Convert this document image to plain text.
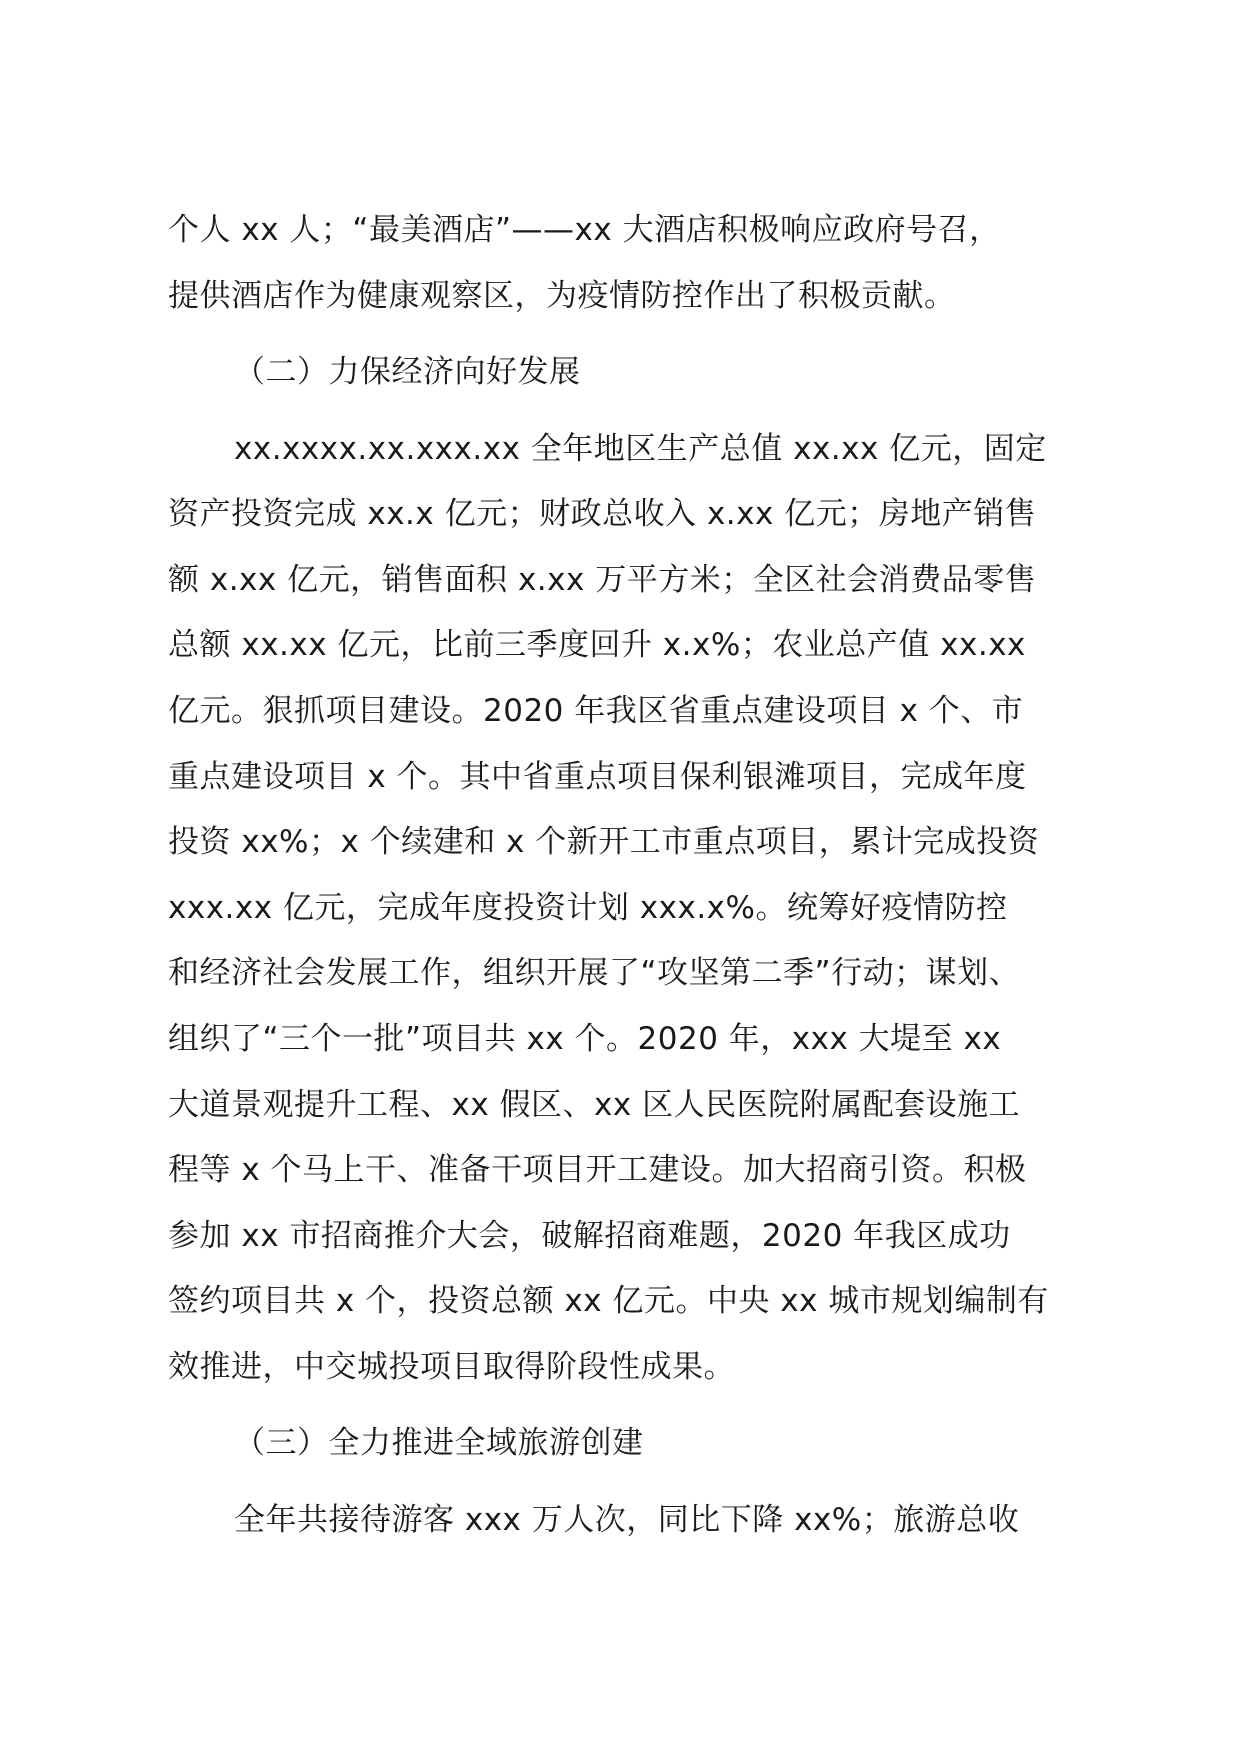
个人 xx 人；“最美酒店”——xx 大酒店积极响应政府号召，
提供酒店作为健康观察区，为疫情防控作出了积极贡献。
（二）力保经济向好发展
xx.xxxx.xx.xxx.xx 全年地区生产总值 xx.xx 亿元，固定
资产投资完成 xx.x 亿元；财政总收入 x.xx 亿元；房地产销售
额 x.xx 亿元，销售面积 x.xx 万平方米；全区社会消费品零售
总额 xx.xx 亿元，比前三季度回升 x.x%；农业总产值 xx.xx
亿元。狠抓项目建设。2020 年我区省重点建设项目 x 个、市
重点建设项目 x 个。其中省重点项目保利银滩项目，完成年度
投资 xx%；x 个续建和 x 个新开工市重点项目，累计完成投资
xxx.xx 亿元，完成年度投资计划 xxx.x%。统筹好疫情防控
和经济社会发展工作，组织开展了“攻坚第二季”行动；谋划、
组织了“三个一批”项目共 xx 个。2020 年，xxx 大堤至 xx
大道景观提升工程、xx 假区、xx 区人民医院附属配套设施工
程等 x 个马上干、准备干项目开工建设。加大招商引资。积极
参加 xx 市招商推介大会，破解招商难题，2020 年我区成功
签约项目共 x 个，投资总额 xx 亿元。中央 xx 城市规划编制有
效推进，中交城投项目取得阶段性成果。
（三）全力推进全域旅游创建
全年共接待游客 xxx 万人次，同比下降 xx%；旅游总收
